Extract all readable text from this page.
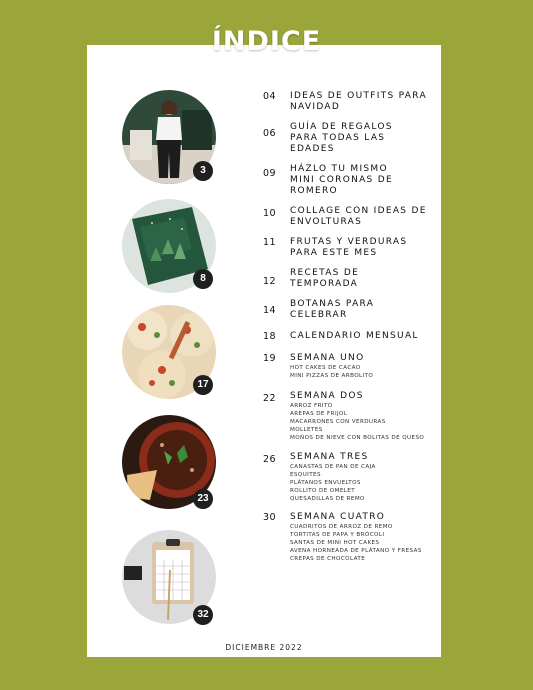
ÍNDICE
3
8
17
23
32
04 IDEAS DE OUTFITS PARA
NAVIDAD
06
GUÍA DE REGALOS
PARA TODAS LAS
EDADES
09 HÁZLO TU MISMO
MINI CORONAS DE
ROMERO
10 COLLAGE CON IDEAS DE
ENVOLTURAS
11 FRUTAS Y VERDURAS
PARA ESTE MES
12
RECETAS DE
TEMPORADA
14
BOTANAS PARA
CELEBRAR
18 CALENDARIO MENSUAL
19 SEMANA UNO
HOT CAKES DE CACAO
MINI PIZZAS DE ARBOLITO
22 SEMANA DOS
ARROZ FRITO
AREPAS DE FRIJOL
MACARRONES CON VERDURAS
MOLLETES
MOÑOS DE NIEVE CON BOLITAS DE QUESO
26 SEMANA TRES
CANASTAS DE PAN DE CAJA
ESQUITES
PLÁTANOS ENVUELTOS
ROLLITO DE OMELET
QUESADILLAS DE REMO
30 SEMANA CUATRO
CUADRITOS DE ARROZ DE REMO
TORTITAS DE PAPA Y BRÓCOLI
SANTAS DE MINI HOT CAKES
AVENA HORNEADA DE PLÁTANO Y FRESAS
CREPAS DE CHOCOLATE
DICIEMBRE 2022
